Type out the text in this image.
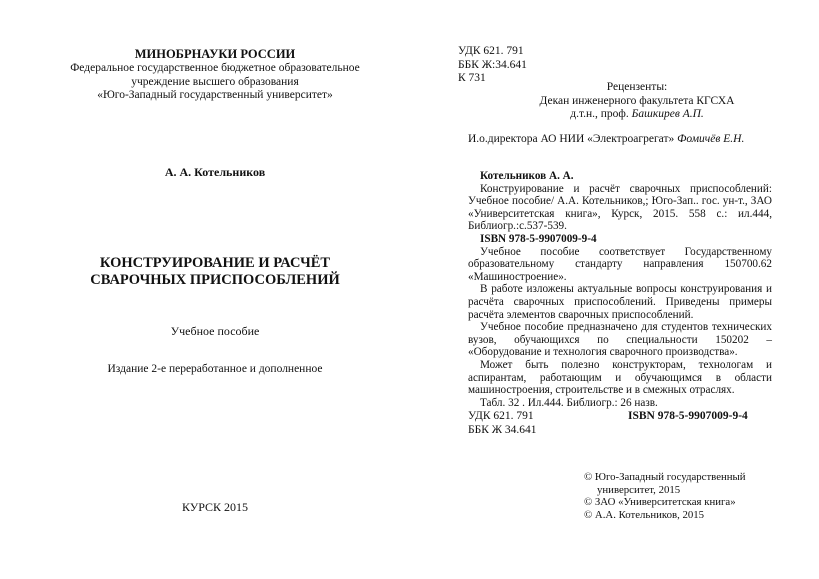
МИНОБРНАУКИ РОССИИ
Федеральное государственное бюджетное образовательное
учреждение высшего образования
«Юго-Западный государственный университет»
А. А. Котельников
КОНСТРУИРОВАНИЕ И РАСЧЁТ
СВАРОЧНЫХ ПРИСПОСОБЛЕНИЙ
Учебное пособие
Издание 2-е переработанное и дополненное
КУРСК 2015
УДК 621. 791
ББК Ж:34.641
К 731
Рецензенты:
Декан инженерного факультета КГСХА
д.т.н., проф. Башкирев А.П.
И.о.директора АО НИИ «Электроагрегат» Фомичёв Е.Н.

Котельников А. А.

Конструирование и расчёт сварочных приспособлений: Учебное пособие/ А.А. Котельников,; Юго-Зап.. гос. ун-т., ЗАО «Университетская книга», Курск, 2015. 558 с.: ил.444, Библиогр.:с.537-539.

ISBN 978-5-9907009-9-4

Учебное пособие соответствует Государственному образовательному стандарту направления 150700.62 «Машиностроение».

В работе изложены актуальные вопросы конструирования и расчёта сварочных приспособлений. Приведены примеры расчёта элементов сварочных приспособлений.

Учебное пособие предназначено для студентов технических вузов, обучающихся по специальности 150202 – «Оборудование и технология сварочного производства».

Может быть полезно конструкторам, технологам и аспирантам, работающим и обучающимся в области машиностроения, строительстве и в смежных отраслях.

Табл. 32 . Ил.444. Библиогр.: 26 назв.

УДК 621. 791
ББК Ж 34.641
ISBN 978-5-9907009-9-4
© Юго-Западный государственный
университет, 2015
© ЗАО «Университетская книга»
© А.А. Котельников, 2015
